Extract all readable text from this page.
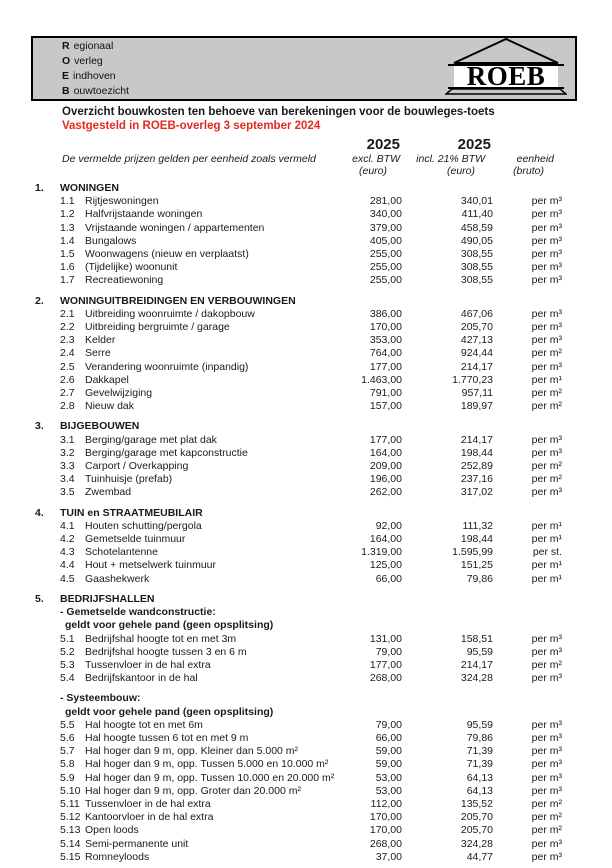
R egionaal
O verleg
E indhoven
B ouwtoezicht	ROEB
Overzicht bouwkosten ten behoeve van berekeningen voor de bouwleges-toets
Vastgesteld in ROEB-overleg 3 september 2024
2025	2025
De vermelde prijzen gelden per eenheid zoals vermeld	excl. BTW	incl. 21% BTW	eenheid
(euro)	(euro)	(bruto)
1.	WONINGEN
1.1 Rijtjeswoningen	281,00	340,01	per m³
1.2 Halfvrijstaande woningen	340,00	411,40	per m³
1.3 Vrijstaande woningen / appartementen	379,00	458,59	per m³
1.4 Bungalows	405,00	490,05	per m³
1.5 Woonwagens (nieuw en verplaatst)	255,00	308,55	per m³
1.6 (Tijdelijke) woonunit	255,00	308,55	per m³
1.7 Recreatiewoning	255,00	308,55	per m³
2.	WONINGUITBREIDINGEN EN VERBOUWINGEN
2.1 Uitbreiding woonruimte / dakopbouw	386,00	467,06	per m³
2.2 Uitbreiding bergruimte / garage	170,00	205,70	per m³
2.3 Kelder	353,00	427,13	per m³
2.4 Serre	764,00	924,44	per m²
2.5 Verandering woonruimte (inpandig)	177,00	214,17	per m³
2.6 Dakkapel	1.463,00	1.770,23	per m¹
2.7 Gevelwijziging	791,00	957,11	per m²
2.8 Nieuw dak	157,00	189,97	per m²
3.	BIJGEBOUWEN
3.1 Berging/garage met plat dak	177,00	214,17	per m³
3.2 Berging/garage met kapconstructie	164,00	198,44	per m³
3.3 Carport / Overkapping	209,00	252,89	per m²
3.4 Tuinhuisje (prefab)	196,00	237,16	per m²
3.5 Zwembad	262,00	317,02	per m³
4.	TUIN en STRAATMEUBILAIR
4.1 Houten schutting/pergola	92,00	111,32	per m¹
4.2 Gemetselde tuinmuur	164,00	198,44	per m¹
4.3 Schotelantenne	1.319,00	1.595,99	per st.
4.4 Hout + metselwerk tuinmuur	125,00	151,25	per m¹
4.5 Gaashekwerk	66,00	79,86	per m¹
5.	BEDRIJFSHALLEN
- Gemetselde wandconstructie:
geldt voor gehele pand (geen opsplitsing)
5.1 Bedrijfshal hoogte tot en met 3m	131,00	158,51	per m³
5.2 Bedrijfshal hoogte tussen 3 en 6 m	79,00	95,59	per m³
5.3 Tussenvloer in de hal extra	177,00	214,17	per m²
5.4 Bedrijfskantoor in de hal	268,00	324,28	per m³
- Systeembouw:
geldt voor gehele pand (geen opsplitsing)
5.5 Hal hoogte tot en met 6m	79,00	95,59	per m³
5.6 Hal hoogte tussen 6 tot en met 9 m	66,00	79,86	per m³
5.7 Hal hoger dan 9 m, opp. Kleiner dan 5.000 m²	59,00	71,39	per m³
5.8 Hal hoger dan 9 m, opp. Tussen 5.000 en 10.000 m²	59,00	71,39	per m³
5.9 Hal hoger dan 9 m, opp. Tussen 10.000 en 20.000 m²	53,00	64,13	per m³
5.10 Hal hoger dan 9 m, opp. Groter dan 20.000 m²	53,00	64,13	per m³
5.11 Tussenvloer in de hal extra	112,00	135,52	per m²
5.12 Kantoorvloer in de hal extra	170,00	205,70	per m²
5.13 Open loods	170,00	205,70	per m²
5.14 Semi-permanente unit	268,00	324,28	per m³
5.15 Romneyloods	37,00	44,77	per m³
